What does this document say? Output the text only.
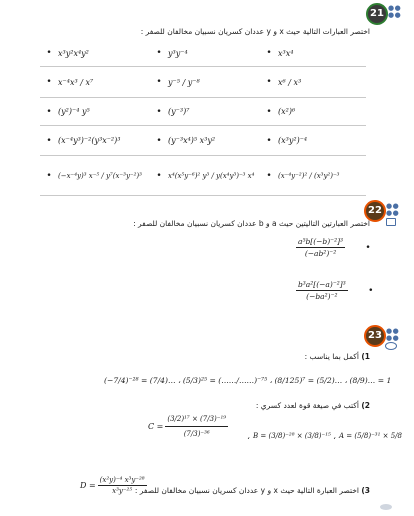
21 ●●
●●
اختصر العبارات التالية حيث x و y عددان كسريان نسبيان مخالفان للصفر :
• x³y²x⁴y²	• y³y⁻⁴	• x³x⁴

• x⁻⁴x³ / x⁷	• y⁻⁵ / y⁻⁸	• x⁶ / x³

• (y²)⁻⁴ y⁵	• (y⁻³)⁷	• (x²)⁶

• (x⁻⁴y³)⁻²(y³x⁻²)³	• (y⁻³x⁴)⁵ x³y²	• (x³y²)⁻⁴

• (−x⁻⁴y)³ x⁻⁵ / y⁷(x⁻³y⁻²)³	• x⁴(x⁵y⁻⁶)² y³ / y(x⁴y³)⁻³ x⁴	• (x⁻⁴y⁻²)² / (x³y²)⁻³
22 ●●
●●
اختصر العبارتين التاليتين حيث a و b عددان كسريان نسبيان مخالفان للصفر :
$\frac{\text{a⁵b[(−b)⁻²]³}}{\text{(−ab²)⁻²}}$	•
$\frac{\text{b³a²[(−a)⁻²]³}}{\text{(−ba²)⁻²}}$	•
23 ●●
●●
1) أكمل بما يناسب :
(−7/4)⁻²⁸ = (7/4)… ، (5/3)²⁵ = (……/……)⁻⁷⁵ ، (8/125)⁷ = (5/2)… ، (8/9)… = 1
2) أكتب في صيغة قوة لعدد كسري :
$C = \frac{\text{(3/2)¹⁷ × (7/3)⁻¹⁹}}{\text{(7/3)⁻³⁶}}$ ، B = (3/8)⁻²⁸ × (3/8)⁻¹⁵ ، A = (5/8)⁻³¹ × 5/8
$D = \frac{\text{(x²y)⁻⁴ x³y⁻²⁸}}{\text{x³y⁻²⁵}}$	3) اختصر العبارة التالية حيث x و y عددان كسريان نسبيان مخالفان للصفر :
